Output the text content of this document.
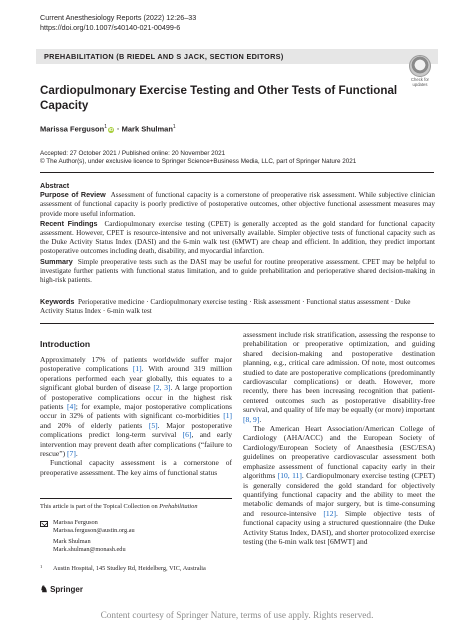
Current Anesthesiology Reports (2022) 12:26–33
https://doi.org/10.1007/s40140-021-00499-6
PREHABILITATION (B RIEDEL AND S JACK, SECTION EDITORS)
Check for
updates
Cardiopulmonary Exercise Testing and Other Tests of Functional Capacity
Marissa Ferguson$^1$ iD · Mark Shulman$^1$
Accepted: 27 October 2021 / Published online: 20 November 2021
© The Author(s), under exclusive licence to Springer Science+Business Media, LLC, part of Springer Nature 2021
Abstract

Purpose of Review Assessment of functional capacity is a cornerstone of preoperative risk assessment. While subjective clinician assessment of functional capacity is poorly predictive of postoperative outcomes, other objective functional assessment measures may provide more useful information.

Recent Findings Cardiopulmonary exercise testing (CPET) is generally accepted as the gold standard for functional capacity assessment. However, CPET is resource-intensive and not universally available. Simpler objective tests of functional capacity such as the Duke Activity Status Index (DASI) and the 6-min walk test (6MWT) are cheap and efficient. In addition, they predict important postoperative outcomes including death, disability, and myocardial infarction.

Summary Simple preoperative tests such as the DASI may be useful for routine preoperative assessment. CPET may be helpful to investigate further patients with functional status limitation, and to guide prehabilitation and perioperative shared decision-making in high-risk patients.

Keywords Perioperative medicine · Cardiopulmonary exercise testing · Risk assessment · Functional status assessment · Duke Activity Status Index · 6-min walk test
Introduction

Approximately 17% of patients worldwide suffer major postoperative complications [1]. With around 319 million operations performed each year globally, this equates to a significant global burden of disease [2, 3]. A large proportion of postoperative complications occur in the highest risk patients [4]; for example, major postoperative complications occur in 32% of patients with significant co-morbidities [1] and 20% of elderly patients [5]. Major postoperative complications predict long-term survival [6], and early intervention may prevent death after complications (“failure to rescue”) [7].

Functional capacity assessment is a cornerstone of preoperative assessment. The key aims of functional status

assessment include risk stratification, assessing the response to prehabilitation or preoperative optimization, and guiding shared decision-making and postoperative destination planning, e.g., critical care admission. Of note, most outcomes studied to date are postoperative complications (predominantly cardiovascular complications) or death. However, more recently, there has been increasing recognition that patient-centered outcomes such as postoperative disability-free survival, and quality of life may be equally (or more) important [8, 9].

The American Heart Association/American College of Cardiology (AHA/ACC) and the European Society of Cardiology/European Society of Anaesthesia (ESC/ESA) guidelines on preoperative cardiovascular assessment both emphasize assessment of functional capacity early in their algorithms [10, 11]. Cardiopulmonary exercise testing (CPET) is generally considered the gold standard for objectively quantifying functional capacity and the ability to meet the metabolic demands of major surgery, but is time-consuming and resource-intensive [12]. Simple objective tests of functional capacity using a structured questionnaire (the Duke Activity Status Index, DASI), and shorter protocolized exercise testing (the 6-min walk test [6MWT] and

This article is part of the Topical Collection on Prehabilitation
Marissa Ferguson
Marissa.ferguson@austin.org.au
Mark Shulman
Mark.shulman@monash.edu
1 Austin Hospital, 145 Studley Rd, Heidelberg, VIC, Australia
♞ Springer
Content courtesy of Springer Nature, terms of use apply. Rights reserved.
